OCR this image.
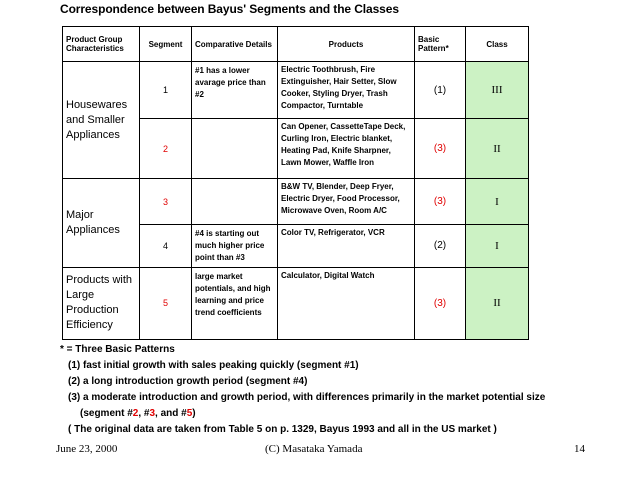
Correspondence between Bayus' Segments and the Classes
Product Group Characteristics	Segment	Comparative Details	Products	Basic Pattern*	Class
Housewares and Smaller Appliances	1	#1 has a lower avarage price than #2	Electric Toothbrush, Fire Extinguisher, Hair Setter, Slow Cooker, Styling Dryer, Trash Compactor, Turntable	(1)	III
	2		Can Opener, CassetteTape Deck, Curling Iron, Electric blanket, Heating Pad, Knife Sharpner, Lawn Mower, Waffle Iron	(3)	II
Major Appliances	3		B&W TV, Blender, Deep Fryer, Electric Dryer, Food Processor, Microwave Oven, Room A/C	(3)	I
	4	#4 is starting out much higher price point than #3	Color TV, Refrigerator, VCR	(2)	I
Products with Large Production Efficiency	5	large market potentials, and high learning and price trend coefficients	Calculator, Digital Watch	(3)	II
* = Three Basic Patterns
(1) fast initial growth with sales peaking quickly (segment #1)
(2) a long introduction growth period (segment #4)
(3) a moderate introduction and growth period, with differences primarily in the market potential size
(segment #2, #3, and #5)
( The original data are taken from Table 5 on p. 1329, Bayus 1993 and all in the US market )
June 23, 2000	(C) Masataka Yamada	14
